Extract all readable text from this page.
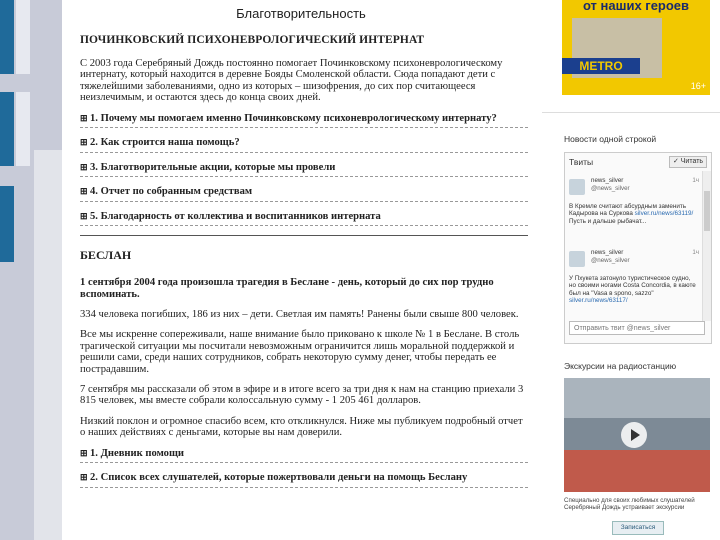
Благотворительность
ПОЧИНКОВСКИЙ ПСИХОНЕВРОЛОГИЧЕСКИЙ ИНТЕРНАТ
С 2003 года Серебряный Дождь постоянно помогает Починковскому психоневрологическому интернату, который находится в деревне Бояды Смоленской области. Сюда попадают дети с тяжелейшими заболеваниями, одно из которых – шизофрения, до сих пор считающееся неизлечимым, и остаются здесь до конца своих дней.
⊞ 1. Почему мы помогаем именно Починковскому психоневрологическому интернату?
⊞ 2. Как строится наша помощь?
⊞ 3. Благотворительные акции, которые мы провели
⊞ 4. Отчет по собранным средствам
⊞ 5. Благодарность от коллектива и воспитанников интерната
БЕСЛАН
1 сентября 2004 года произошла трагедия в Беслане - день, который до сих пор трудно вспоминать.
334 человека погибших, 186 из них – дети. Светлая им память! Ранены были свыше 800 человек.
Все мы искренне сопереживали, наше внимание было приковано к школе № 1 в Беслане. В столь трагической ситуации мы посчитали невозможным ограничится лишь моральной поддержкой и решили сами, среди наших сотрудников, собрать некоторую сумму денег, чтобы передать ее пострадавшим.
7 сентября мы рассказали об этом в эфире и в итоге всего за три дня к нам на станцию приехали 3 815 человек, мы вместе собрали колоссальную сумму - 1 205 461 долларов.
Низкий поклон и огромное спасибо всем, кто откликнулся. Ниже мы публикуем подробный отчет о наших действиях с деньгами, которые вы нам доверили.
⊞ 1. Дневник помощи
⊞ 2. Список всех слушателей, которые пожертвовали деньги на помощь Беслану
от наших героев
METRO
16+
Новости одной строкой
Твиты	✓ Читать
news_silver
@news_silver
1ч
В Кремле считают абсурдным заменить Кадырова на Суркова silver.ru/news/63119/ Пусть и дальше рыбачат...
news_silver
@news_silver
1ч
У Пхукета затонуло туристическое судно, но своими ногами Costa Concordia, в каюте был на "Vasa в spono, sazzo" silver.ru/news/63117/
Отправить твит @news_silver
Экскурсии на радиостанцию
Специально для своих любимых слушателей Серебряный Дождь устраивает экскурсии
Записаться
